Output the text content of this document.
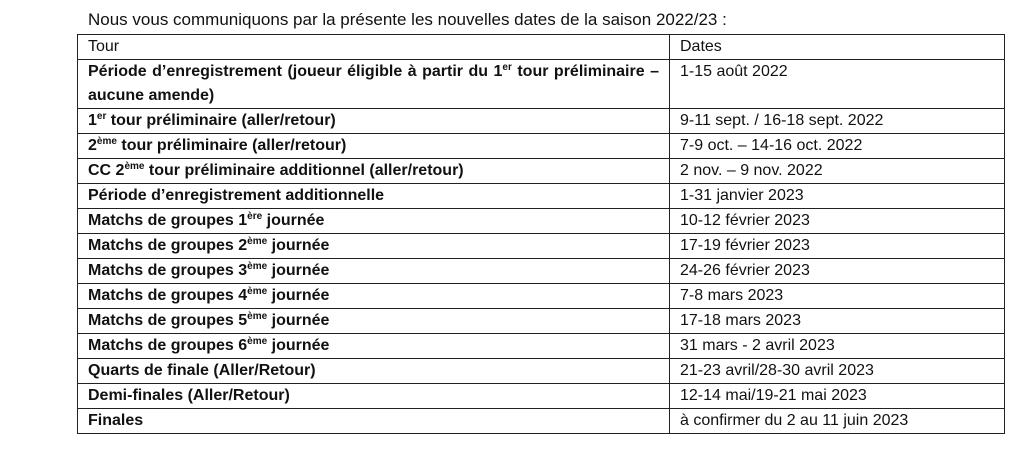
Nous vous communiquons par la présente les nouvelles dates de la saison 2022/23 :
Tour	Dates
Période d’enregistrement (joueur éligible à partir du 1er tour préliminaire – aucune amende)	1-15 août 2022
1er tour préliminaire (aller/retour)	9-11 sept. / 16-18 sept. 2022
2ème tour préliminaire (aller/retour)	7-9 oct. – 14-16 oct. 2022
CC 2ème tour préliminaire additionnel (aller/retour)	2 nov. – 9 nov. 2022
Période d’enregistrement additionnelle	1-31 janvier 2023
Matchs de groupes 1ère journée	10-12 février 2023
Matchs de groupes 2ème journée	17-19 février 2023
Matchs de groupes 3ème journée	24-26 février 2023
Matchs de groupes 4ème journée	7-8 mars 2023
Matchs de groupes 5ème journée	17-18 mars 2023
Matchs de groupes 6ème journée	31 mars - 2 avril 2023
Quarts de finale (Aller/Retour)	21-23 avril/28-30 avril 2023
Demi-finales (Aller/Retour)	12-14 mai/19-21 mai 2023
Finales	à confirmer du 2 au 11 juin 2023
